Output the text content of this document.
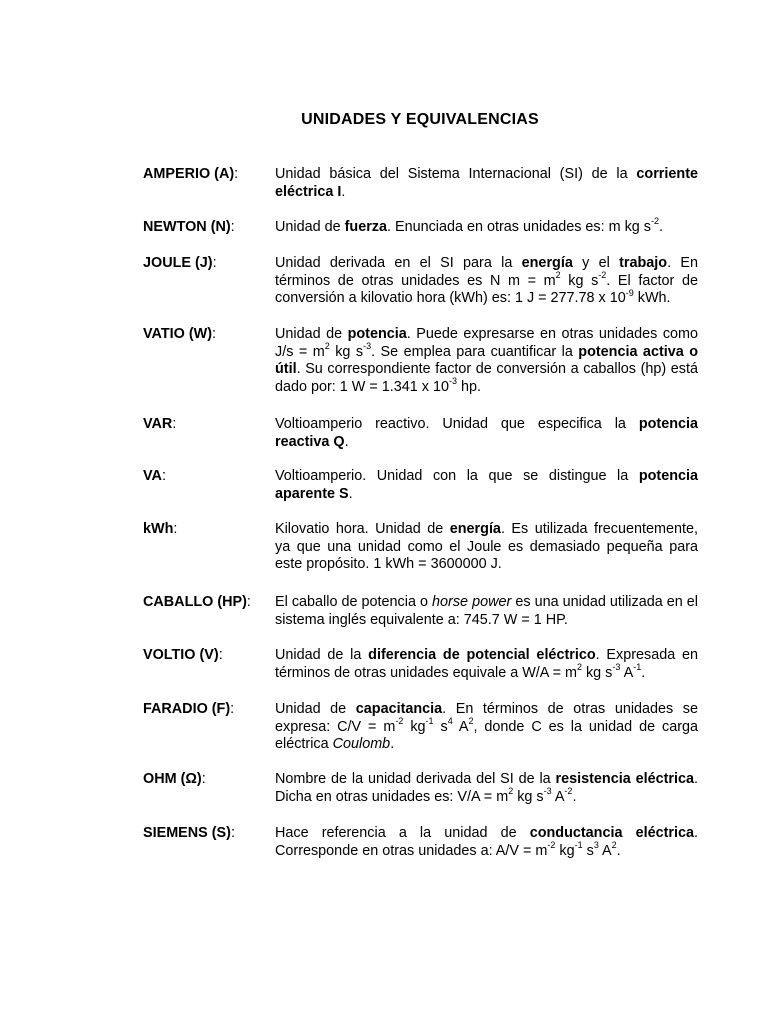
UNIDADES Y EQUIVALENCIAS
AMPERIO (A):	Unidad básica del Sistema Internacional (SI) de la corriente eléctrica I.
NEWTON (N):	Unidad de fuerza. Enunciada en otras unidades es: m kg $s^{-2}$.
JOULE (J):	Unidad derivada en el SI para la energía y el trabajo. En términos de otras unidades es N $m = m^2$ kg $s^{-2}$. El factor de conversión a kilovatio hora (kWh) es: 1 J = 277.78 x $10^{-9}$ kWh.
VATIO (W):	Unidad de potencia. Puede expresarse en otras unidades como $J/s = m^2$ kg $s^{-3}$. Se emplea para cuantificar la potencia activa o útil. Su correspondiente factor de conversión a caballos (hp) está dado por: 1 W = 1.341 x $10^{-3}$ hp.
VAR:	Voltioamperio reactivo. Unidad que especifica la potencia reactiva Q.
VA:	Voltioamperio. Unidad con la que se distingue la potencia aparente S.
kWh:	Kilovatio hora. Unidad de energía. Es utilizada frecuentemente, ya que una unidad como el Joule es demasiado pequeña para este propósito. 1 kWh = 3600000 J.
CABALLO (HP): El caballo de potencia o horse power es una unidad utilizada en el sistema inglés equivalente a: 745.7 W = 1 HP.
VOLTIO (V):	Unidad de la diferencia de potencial eléctrico. Expresada en términos de otras unidades equivale a $W/A = m^2$ kg $s^{-3}$ $A^{-1}$.
FARADIO (F):	Unidad de capacitancia. En términos de otras unidades se expresa: $C/V = m^{-2}$ $kg^{-1}$ $s^4$ $A^2$, donde C es la unidad de carga eléctrica Coulomb.
OHM (Ω):	Nombre de la unidad derivada del SI de la resistencia eléctrica. Dicha en otras unidades es: $V/A = m^2$ kg $s^{-3}$ $A^{-2}$.
SIEMENS (S):	Hace referencia a la unidad de conductancia eléctrica. Corresponde en otras unidades a: $A/V = m^{-2}$ $kg^{-1}$ $s^3$ $A^2$.
